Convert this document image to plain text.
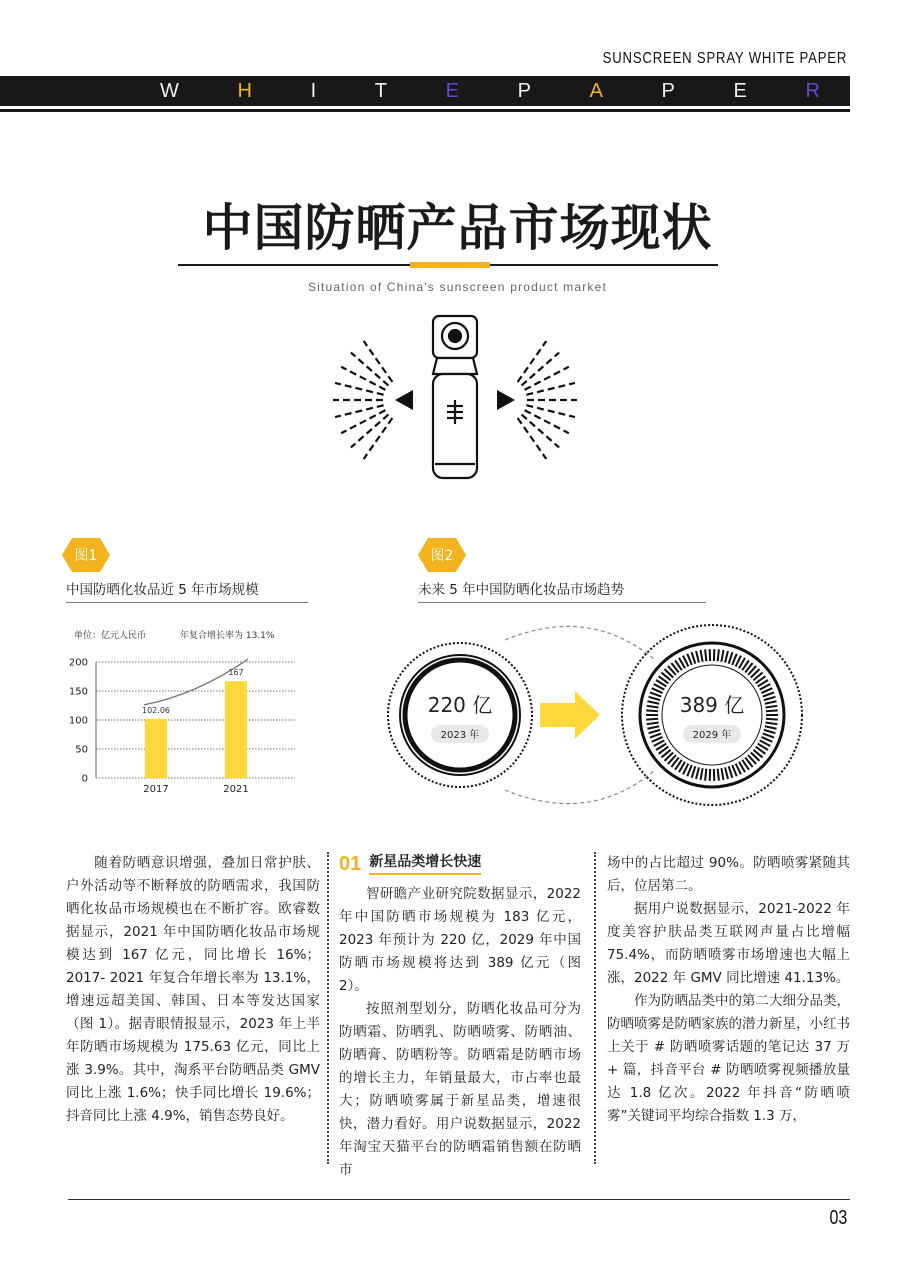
SUNSCREEN SPRAY WHITE PAPER
W	H	I	T	E	P	A	P	E	R
中国防晒产品市场现状
Situation of China's sunscreen product market
图1
中国防晒化妆品近 5 年市场规模
单位：亿元人民币	年复合增长率为 13.1%
0
50
100
150
200
102.06
2017
167
2021
图2
未来 5 年中国防晒化妆品市场趋势
220 亿
2023 年
389 亿
2029 年

　　随着防晒意识增强，叠加日常护肤、户外活动等不断释放的防晒需求，我国防晒化妆品市场规模也在不断扩容。欧睿数据显示，2021 年中国防晒化妆品市场规模达到 167 亿元，同比增长 16%；2017- 2021 年复合年增长率为 13.1%，增速远超美国、韩国、日本等发达国家（图 1）。据青眼情报显示，2023 年上半年防晒市场规模为 175.63 亿元，同比上涨 3.9%。其中，淘系平台防晒品类 GMV 同比上涨 1.6%；快手同比增长 19.6%；抖音同比上涨 4.9%，销售态势良好。

01 新星品类增长快速

智研瞻产业研究院数据显示，2022 年中国防晒市场规模为 183 亿元，2023 年预计为 220 亿，2029 年中国防晒市场规模将达到 389 亿元（图 2）。

按照剂型划分，防晒化妆品可分为防晒霜、防晒乳、防晒喷雾、防晒油、防晒膏、防晒粉等。防晒霜是防晒市场的增长主力，年销量最大，市占率也最大；防晒喷雾属于新星品类，增速很快，潜力看好。用户说数据显示，2022 年淘宝天猫平台的防晒霜销售额在防晒市

场中的占比超过 90%。防晒喷雾紧随其后，位居第二。

据用户说数据显示，2021-2022 年度美容护肤品类互联网声量占比增幅 75.4%，而防晒喷雾市场增速也大幅上涨，2022 年 GMV 同比增速 41.13%。

作为防晒品类中的第二大细分品类，防晒喷雾是防晒家族的潜力新星，小红书上关于 # 防晒喷雾话题的笔记达 37 万 + 篇，抖音平台 # 防晒喷雾视频播放量达 1.8 亿次。2022 年抖音“防晒喷雾”关键词平均综合指数 1.3 万，

03
